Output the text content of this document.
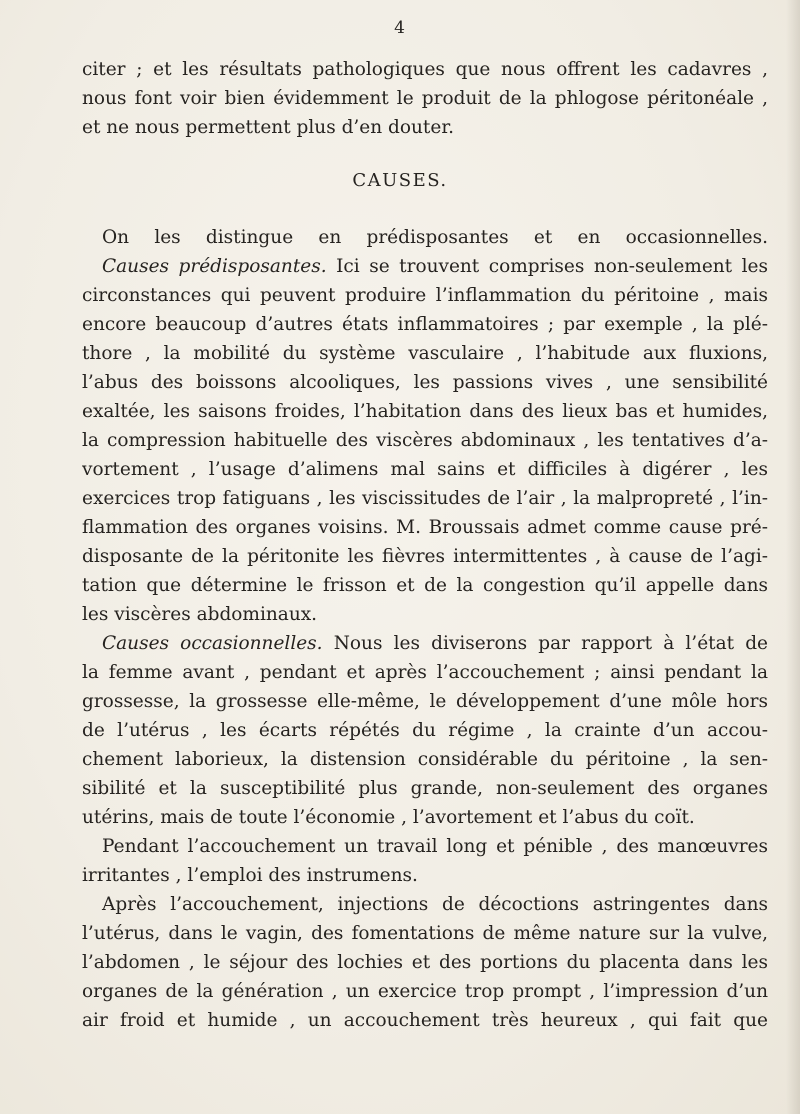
4
citer ; et les résultats pathologiques que nous offrent les cadavres ,
nous font voir bien évidemment le produit de la phlogose péritonéale ,
et ne nous permettent plus d’en douter.
CAUSES.
On les distingue en prédisposantes et en occasionnelles.
Causes prédisposantes. Ici se trouvent comprises non-seulement les
circonstances qui peuvent produire l’inflammation du péritoine , mais
encore beaucoup d’autres états inflammatoires ; par exemple , la plé-
thore , la mobilité du système vasculaire , l’habitude aux fluxions,
l’abus des boissons alcooliques, les passions vives , une sensibilité
exaltée, les saisons froides, l’habitation dans des lieux bas et humides,
la compression habituelle des viscères abdominaux , les tentatives d’a-
vortement , l’usage d’alimens mal sains et difficiles à digérer , les
exercices trop fatiguans , les viscissitudes de l’air , la malpropreté , l’in-
flammation des organes voisins. M. Broussais admet comme cause pré-
disposante de la péritonite les fièvres intermittentes , à cause de l’agi-
tation que détermine le frisson et de la congestion qu’il appelle dans
les viscères abdominaux.
Causes occasionnelles. Nous les diviserons par rapport à l’état de
la femme avant , pendant et après l’accouchement ; ainsi pendant la
grossesse, la grossesse elle-même, le développement d’une môle hors
de l’utérus , les écarts répétés du régime , la crainte d’un accou-
chement laborieux, la distension considérable du péritoine , la sen-
sibilité et la susceptibilité plus grande, non-seulement des organes
utérins, mais de toute l’économie , l’avortement et l’abus du coït.
Pendant l’accouchement un travail long et pénible , des manœuvres
irritantes , l’emploi des instrumens.
Après l’accouchement, injections de décoctions astringentes dans
l’utérus, dans le vagin, des fomentations de même nature sur la vulve,
l’abdomen , le séjour des lochies et des portions du placenta dans les
organes de la génération , un exercice trop prompt , l’impression d’un
air froid et humide , un accouchement très heureux , qui fait que
